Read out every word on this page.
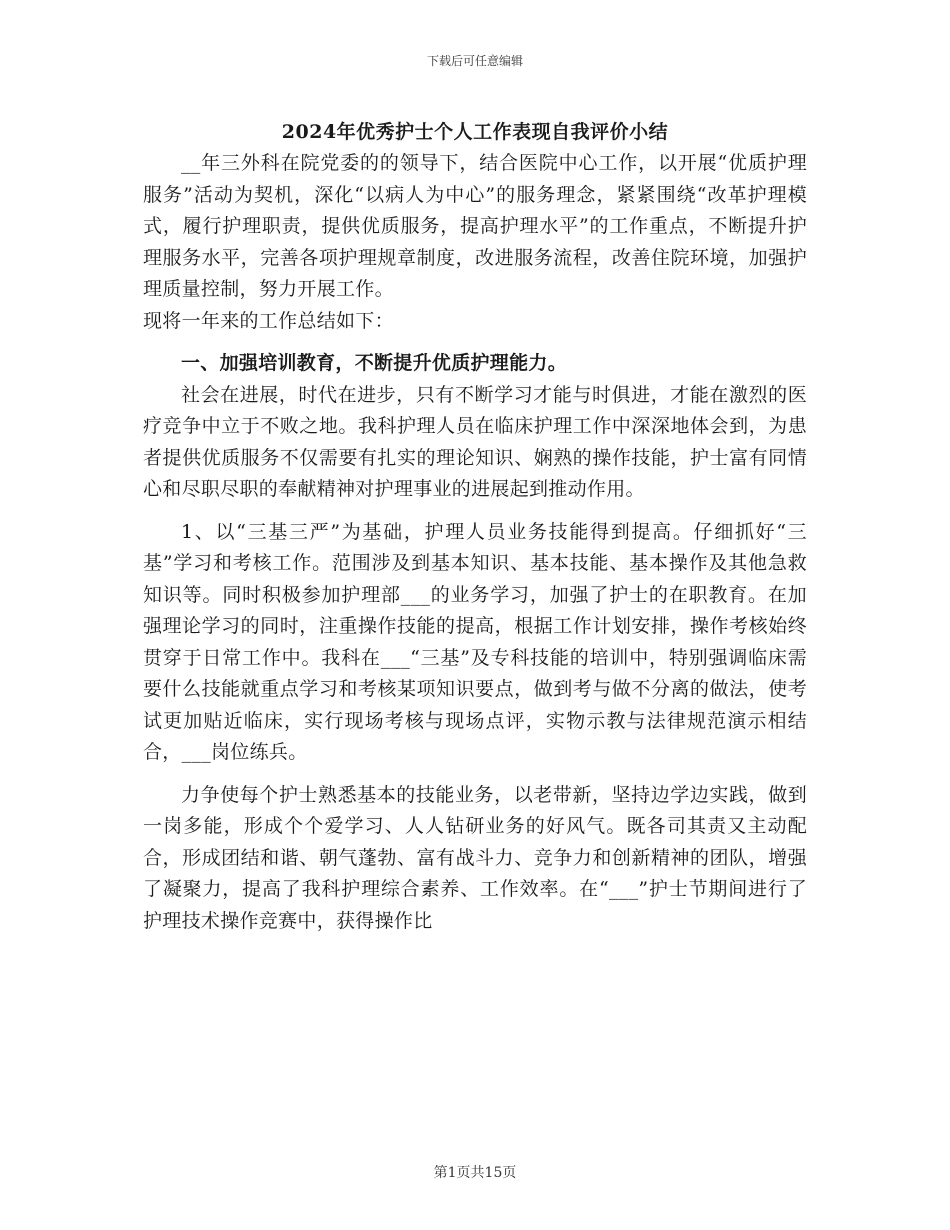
下载后可任意编辑
2024年优秀护士个人工作表现自我评价小结

__年三外科在院党委的的领导下，结合医院中心工作，以开展“优质护理服务”活动为契机，深化“以病人为中心”的服务理念，紧紧围绕“改革护理模式，履行护理职责，提供优质服务，提高护理水平”的工作重点，不断提升护理服务水平，完善各项护理规章制度，改进服务流程，改善住院环境，加强护理质量控制，努力开展工作。

现将一年来的工作总结如下：

一、加强培训教育，不断提升优质护理能力。

社会在进展，时代在进步，只有不断学习才能与时俱进，才能在激烈的医疗竞争中立于不败之地。我科护理人员在临床护理工作中深深地体会到，为患者提供优质服务不仅需要有扎实的理论知识、娴熟的操作技能，护士富有同情心和尽职尽职的奉献精神对护理事业的进展起到推动作用。

1、以“三基三严”为基础，护理人员业务技能得到提高。仔细抓好“三基”学习和考核工作。范围涉及到基本知识、基本技能、基本操作及其他急救知识等。同时积极参加护理部___的业务学习，加强了护士的在职教育。在加强理论学习的同时，注重操作技能的提高，根据工作计划安排，操作考核始终贯穿于日常工作中。我科在___“三基”及专科技能的培训中，特别强调临床需要什么技能就重点学习和考核某项知识要点，做到考与做不分离的做法，使考试更加贴近临床，实行现场考核与现场点评，实物示教与法律规范演示相结合，___岗位练兵。

力争使每个护士熟悉基本的技能业务，以老带新，坚持边学边实践，做到一岗多能，形成个个爱学习、人人钻研业务的好风气。既各司其责又主动配合，形成团结和谐、朝气蓬勃、富有战斗力、竞争力和创新精神的团队，增强了凝聚力，提高了我科护理综合素养、工作效率。在“___”护士节期间进行了护理技术操作竞赛中，获得操作比

第1页共15页
